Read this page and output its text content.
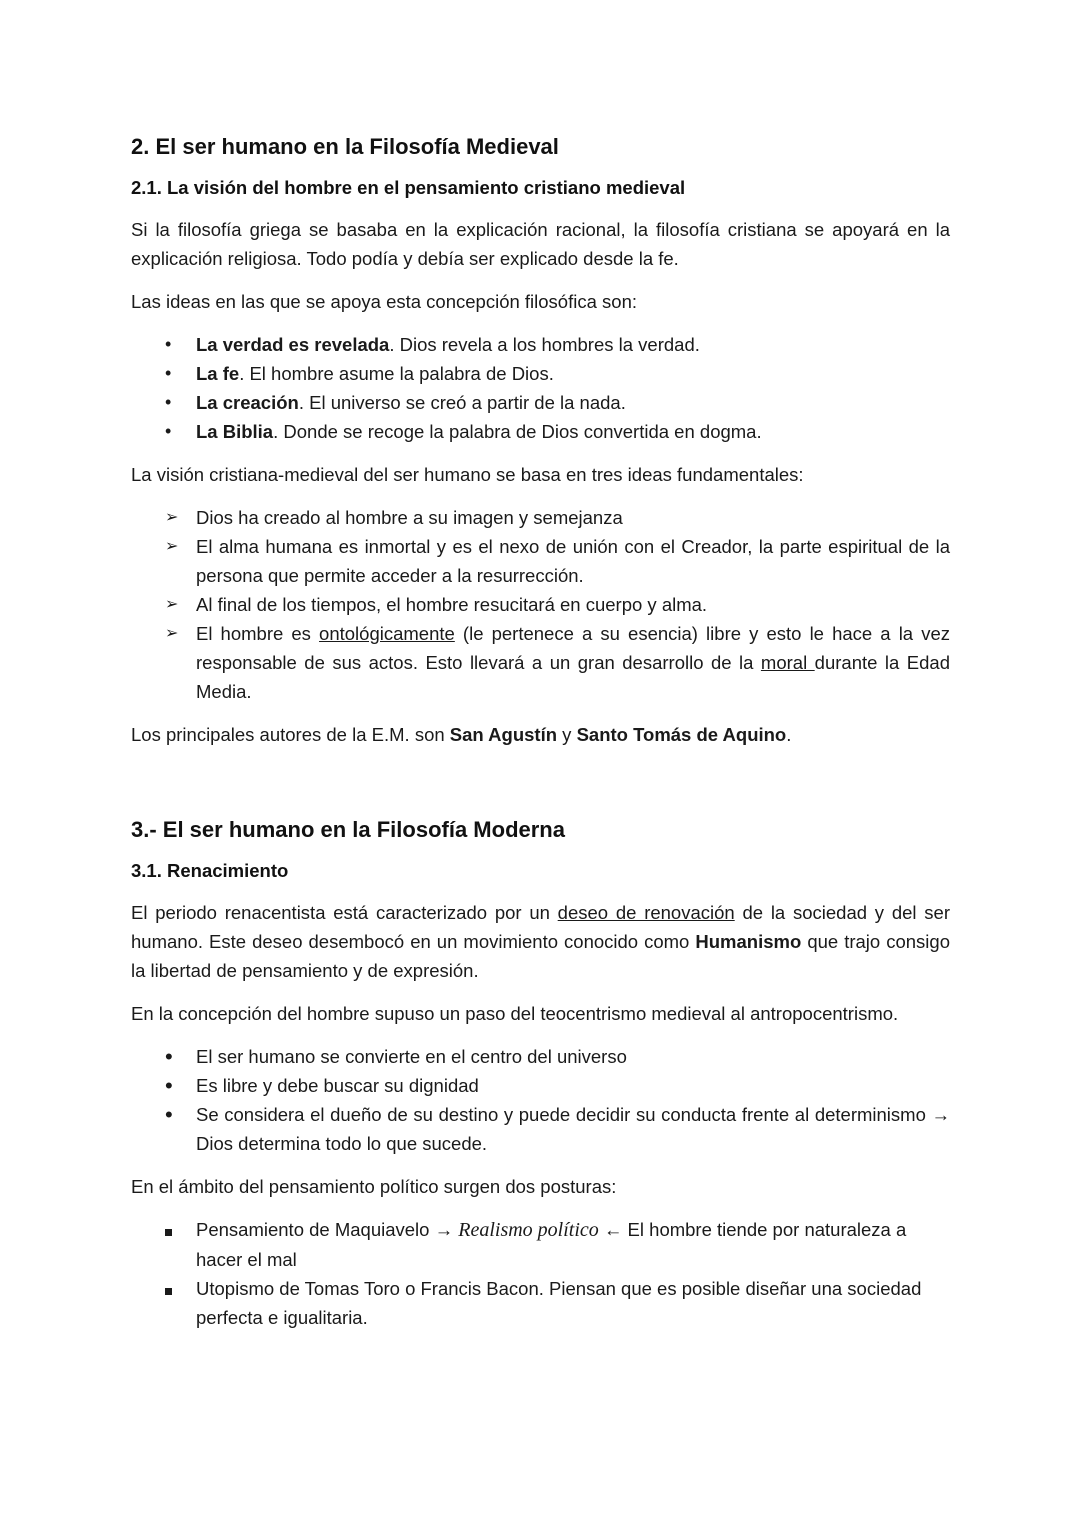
2. El ser humano en la Filosofía Medieval
2.1. La visión del hombre en el pensamiento cristiano medieval

Si la filosofía griega se basaba en la explicación racional, la filosofía cristiana se apoyará en la explicación religiosa. Todo podía y debía ser explicado desde la fe.

Las ideas en las que se apoya esta concepción filosófica son:

•	La verdad es revelada. Dios revela a los hombres la verdad.
•	La fe. El hombre asume la palabra de Dios.
•	La creación. El universo se creó a partir de la nada.
•	La Biblia. Donde se recoge la palabra de Dios convertida en dogma.

La visión cristiana-medieval del ser humano se basa en tres ideas fundamentales:

➢ Dios ha creado al hombre a su imagen y semejanza
➢ El alma humana es inmortal y es el nexo de unión con el Creador, la parte espiritual de la persona que permite acceder a la resurrección.
➢ Al final de los tiempos, el hombre resucitará en cuerpo y alma.
➢ El hombre es ontológicamente (le pertenece a su esencia) libre y esto le hace a la vez responsable de sus actos. Esto llevará a un gran desarrollo de la moral durante la Edad Media.

Los principales autores de la E.M. son San Agustín y Santo Tomás de Aquino.

3.- El ser humano en la Filosofía Moderna
3.1. Renacimiento

El periodo renacentista está caracterizado por un deseo de renovación de la sociedad y del ser humano. Este deseo desembocó en un movimiento conocido como Humanismo que trajo consigo la libertad de pensamiento y de expresión.

En la concepción del hombre supuso un paso del teocentrismo medieval al antropocentrismo.

•	El ser humano se convierte en el centro del universo
•	Es libre y debe buscar su dignidad
•	Se considera el dueño de su destino y puede decidir su conducta frente al determinismo → Dios determina todo lo que sucede.

En el ámbito del pensamiento político surgen dos posturas:

Pensamiento de Maquiavelo → Realismo político ← El hombre tiende por naturaleza a hacer el mal
Utopismo de Tomas Toro o Francis Bacon. Piensan que es posible diseñar una sociedad perfecta e igualitaria.
